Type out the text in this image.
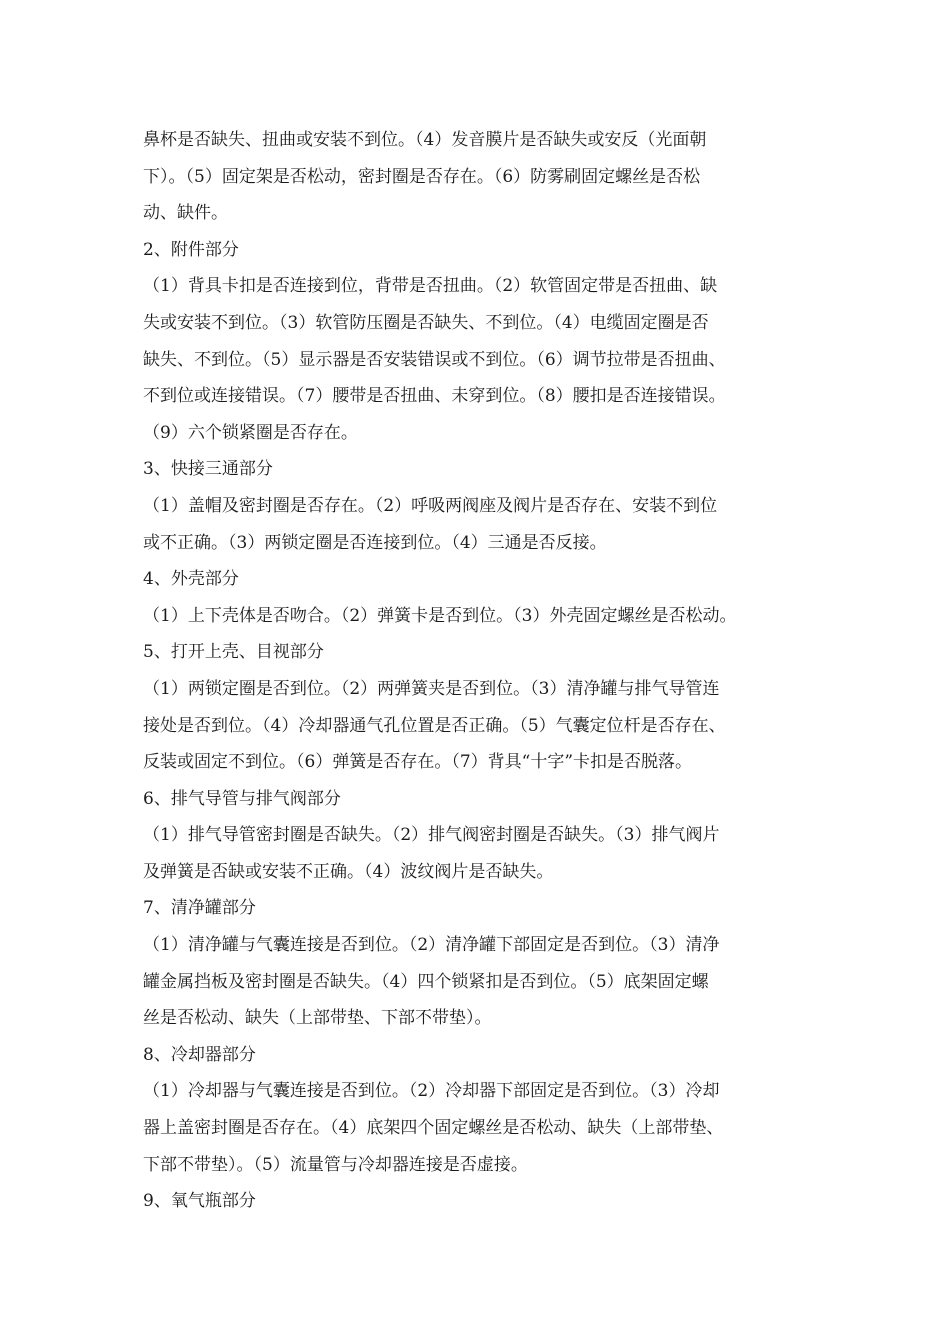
鼻杯是否缺失、扭曲或安装不到位。（4）发音膜片是否缺失或安反（光面朝
下）。（5）固定架是否松动，密封圈是否存在。（6）防雾刷固定螺丝是否松
动、缺件。
2、附件部分
（1）背具卡扣是否连接到位，背带是否扭曲。（2）软管固定带是否扭曲、缺
失或安装不到位。（3）软管防压圈是否缺失、不到位。（4）电缆固定圈是否
缺失、不到位。（5）显示器是否安装错误或不到位。（6）调节拉带是否扭曲、
不到位或连接错误。（7）腰带是否扭曲、未穿到位。（8）腰扣是否连接错误。
（9）六个锁紧圈是否存在。
3、快接三通部分
（1）盖帽及密封圈是否存在。（2）呼吸两阀座及阀片是否存在、安装不到位
或不正确。（3）两锁定圈是否连接到位。（4）三通是否反接。
4、外壳部分
（1）上下壳体是否吻合。（2）弹簧卡是否到位。（3）外壳固定螺丝是否松动。
5、打开上壳、目视部分
（1）两锁定圈是否到位。（2）两弹簧夹是否到位。（3）清净罐与排气导管连
接处是否到位。（4）冷却器通气孔位置是否正确。（5）气囊定位杆是否存在、
反装或固定不到位。（6）弹簧是否存在。（7）背具“十字”卡扣是否脱落。
6、排气导管与排气阀部分
（1）排气导管密封圈是否缺失。（2）排气阀密封圈是否缺失。（3）排气阀片
及弹簧是否缺或安装不正确。（4）波纹阀片是否缺失。
7、清净罐部分
（1）清净罐与气囊连接是否到位。（2）清净罐下部固定是否到位。（3）清净
罐金属挡板及密封圈是否缺失。（4）四个锁紧扣是否到位。（5）底架固定螺
丝是否松动、缺失（上部带垫、下部不带垫）。
8、冷却器部分
（1）冷却器与气囊连接是否到位。（2）冷却器下部固定是否到位。（3）冷却
器上盖密封圈是否存在。（4）底架四个固定螺丝是否松动、缺失（上部带垫、
下部不带垫）。（5）流量管与冷却器连接是否虚接。
9、氧气瓶部分
